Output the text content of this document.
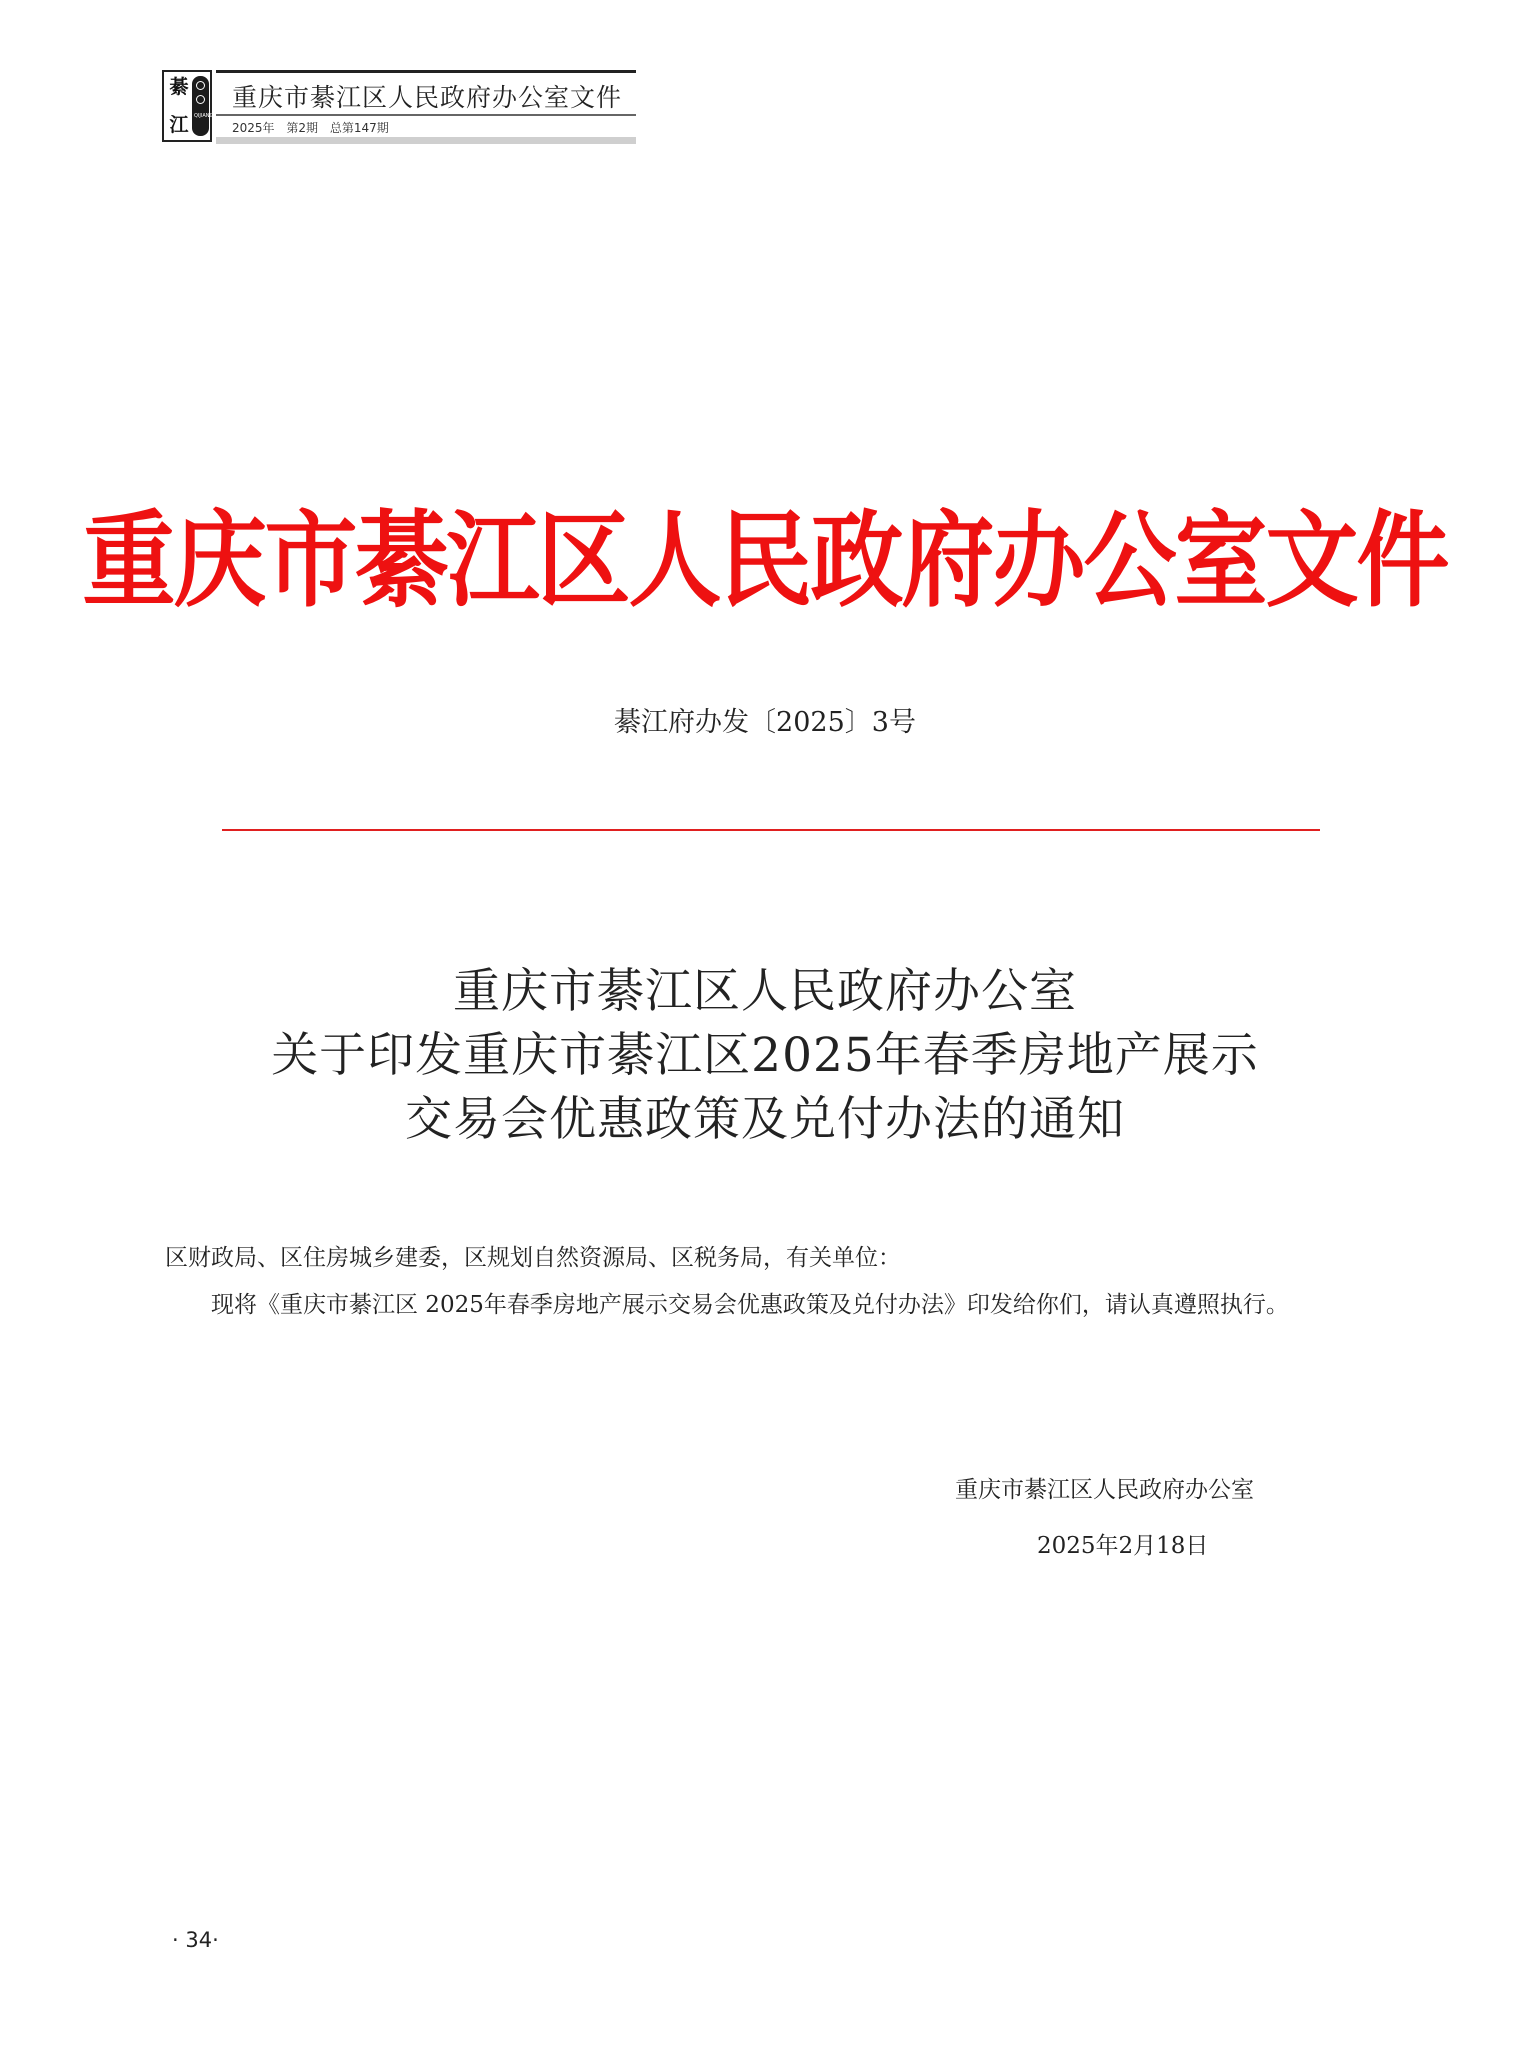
綦
江	QIJIANG
重庆市綦江区人民政府办公室文件
2025年 第2期 总第147期
重庆市綦江区人民政府办公室文件
綦江府办发〔2025〕3号
重庆市綦江区人民政府办公室
关于印发重庆市綦江区2025年春季房地产展示
交易会优惠政策及兑付办法的通知
区财政局、区住房城乡建委，区规划自然资源局、区税务局，有关单位：
现将《重庆市綦江区 2025年春季房地产展示交易会优惠政策及兑付办法》印发给你们，请认真遵照执行。
重庆市綦江区人民政府办公室
2025年2月18日
· 34·
